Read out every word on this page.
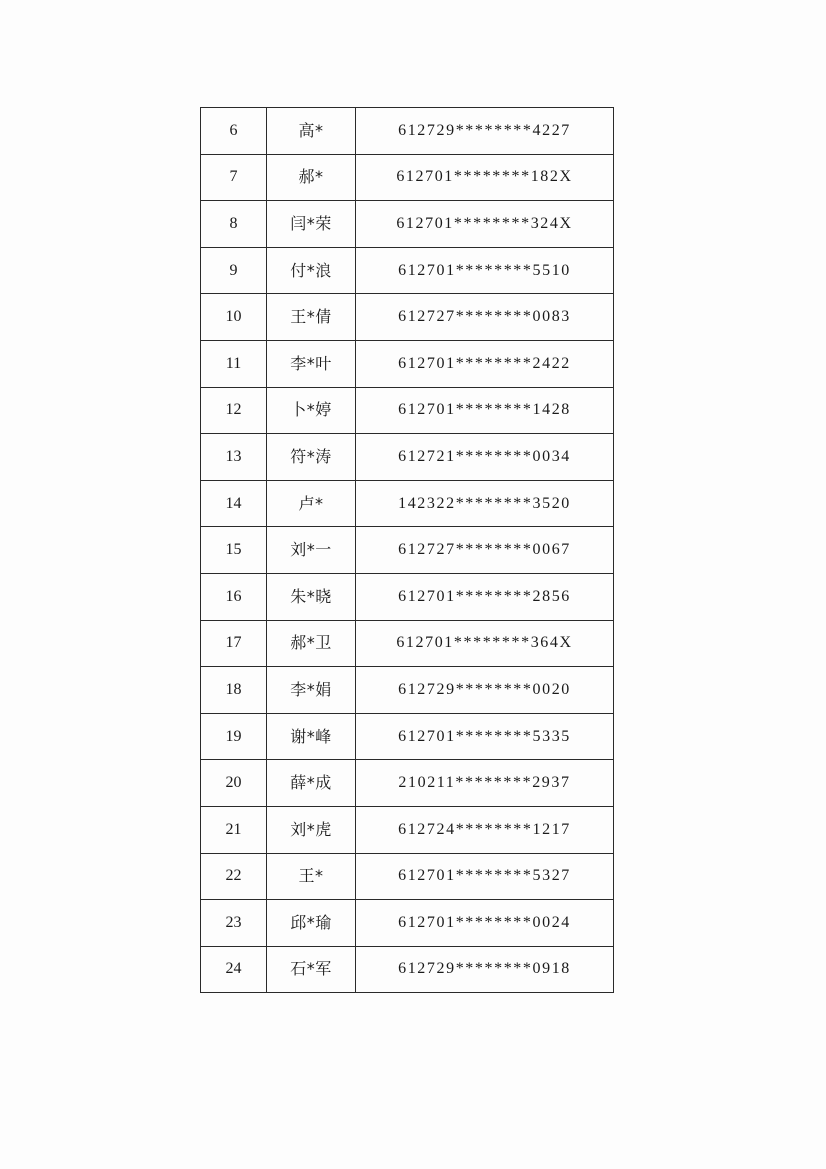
6	高*	612729********4227
7	郝*	612701********182X
8	闫*荣	612701********324X
9	付*浪	612701********5510
10	王*倩	612727********0083
11	李*叶	612701********2422
12	卜*婷	612701********1428
13	符*涛	612721********0034
14	卢*	142322********3520
15	刘*一	612727********0067
16	朱*晓	612701********2856
17	郝*卫	612701********364X
18	李*娟	612729********0020
19	谢*峰	612701********5335
20	薛*成	210211********2937
21	刘*虎	612724********1217
22	王*	612701********5327
23	邱*瑜	612701********0024
24	石*军	612729********0918
